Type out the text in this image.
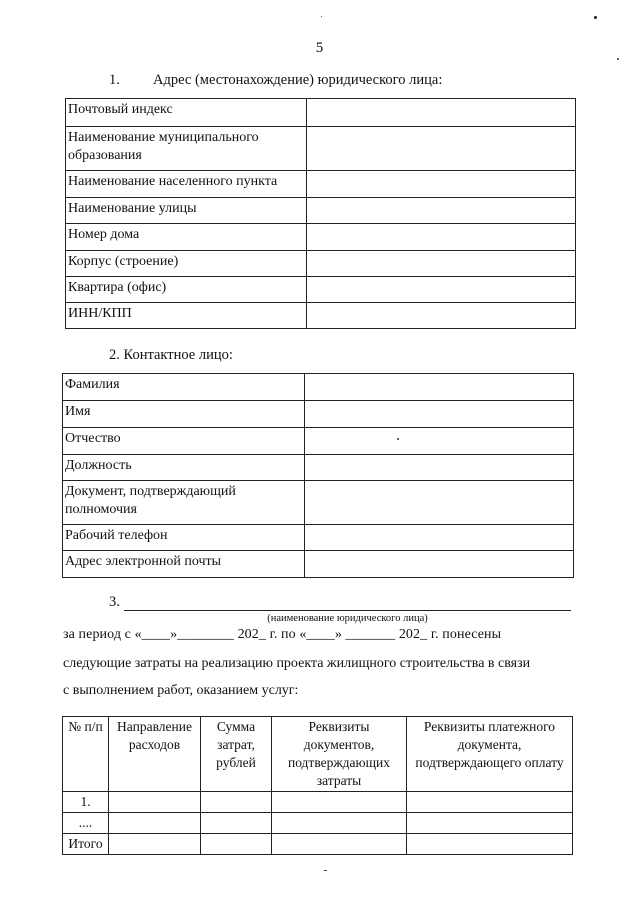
5
1. Адрес (местонахождение) юридического лица:
Почтовый индекс	
Наименование муниципального образования	
Наименование населенного пункта	
Наименование улицы	
Номер дома	
Корпус (строение)	
Квартира (офис)	
ИНН/КПП	
2. Контактное лицо:
Фамилия	
Имя	
Отчество	
Должность	
Документ, подтверждающий полномочия	
Рабочий телефон	
Адрес электронной почты	
3.
(наименование юридического лица)
за период с «____»________ 202_ г. по «____» _______ 202_ г. понесены
следующие затраты на реализацию проекта жилищного строительства в связи
с выполнением работ, оказанием услуг:
№ п/п	Направление расходов	Сумма затрат, рублей	Реквизиты документов, подтверждающих затраты	Реквизиты платежного документа, подтверждающего оплату
1.				
....				
Итого				
